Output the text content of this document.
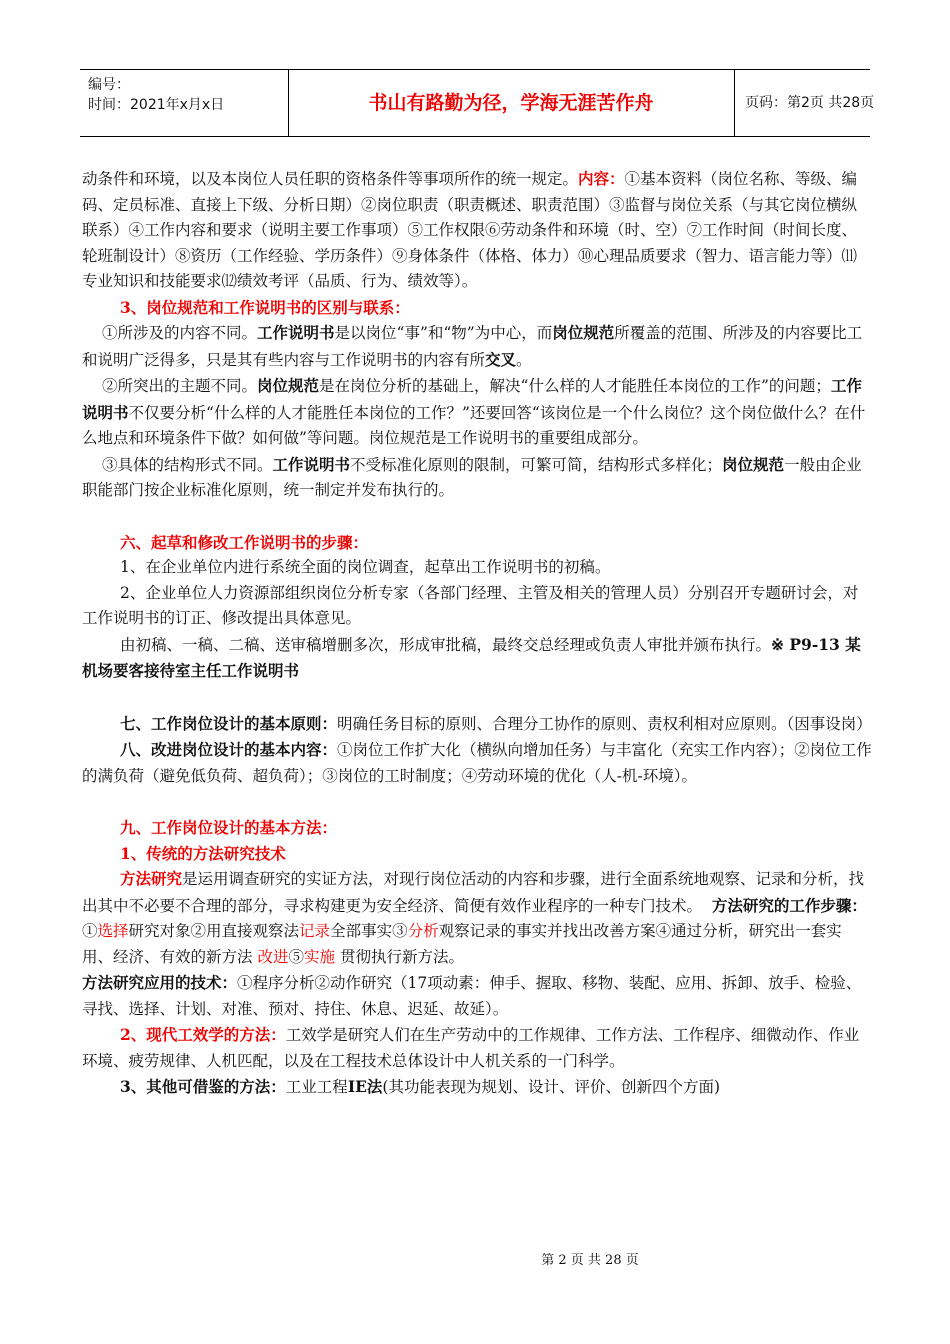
编号：
时间：2021年x月x日	书山有路勤为径，学海无涯苦作舟	页码：第2页 共28页

动条件和环境，以及本岗位人员任职的资格条件等事项所作的统一规定。内容：①基本资料（岗位名称、等级、编码、定员标准、直接上下级、分析日期）②岗位职责（职责概述、职责范围）③监督与岗位关系（与其它岗位横纵联系）④工作内容和要求（说明主要工作事项）⑤工作权限⑥劳动条件和环境（时、空）⑦工作时间（时间长度、轮班制设计）⑧资历（工作经验、学历条件）⑨身体条件（体格、体力）⑩心理品质要求（智力、语言能力等）⑾专业知识和技能要求⑿绩效考评（品质、行为、绩效等）。

3、岗位规范和工作说明书的区别与联系：

①所涉及的内容不同。工作说明书是以岗位“事”和“物”为中心，而岗位规范所覆盖的范围、所涉及的内容要比工和说明广泛得多，只是其有些内容与工作说明书的内容有所交叉。

②所突出的主题不同。岗位规范是在岗位分析的基础上，解决“什么样的人才能胜任本岗位的工作”的问题；工作说明书不仅要分析“什么样的人才能胜任本岗位的工作？”还要回答“该岗位是一个什么岗位？这个岗位做什么？在什么地点和环境条件下做？如何做”等问题。岗位规范是工作说明书的重要组成部分。

③具体的结构形式不同。工作说明书不受标准化原则的限制，可繁可简，结构形式多样化；岗位规范一般由企业职能部门按企业标准化原则，统一制定并发布执行的。

六、起草和修改工作说明书的步骤：

1、在企业单位内进行系统全面的岗位调查，起草出工作说明书的初稿。

2、企业单位人力资源部组织岗位分析专家（各部门经理、主管及相关的管理人员）分别召开专题研讨会，对工作说明书的订正、修改提出具体意见。

由初稿、一稿、二稿、送审稿增删多次，形成审批稿，最终交总经理或负责人审批并颁布执行。※ P9-13 某机场要客接待室主任工作说明书

七、工作岗位设计的基本原则：明确任务目标的原则、合理分工协作的原则、责权利相对应原则。（因事设岗）

八、改进岗位设计的基本内容：①岗位工作扩大化（横纵向增加任务）与丰富化（充实工作内容）；②岗位工作的满负荷（避免低负荷、超负荷）；③岗位的工时制度；④劳动环境的优化（人-机-环境）。

九、工作岗位设计的基本方法：

1、传统的方法研究技术

方法研究是运用调查研究的实证方法，对现行岗位活动的内容和步骤，进行全面系统地观察、记录和分析，找出其中不必要不合理的部分，寻求构建更为安全经济、简便有效作业程序的一种专门技术。 方法研究的工作步骤：①选择研究对象②用直接观察法记录全部事实③分析观察记录的事实并找出改善方案④通过分析，研究出一套实用、经济、有效的新方法 改进⑤实施 贯彻执行新方法。

方法研究应用的技术：①程序分析②动作研究（17项动素：伸手、握取、移物、装配、应用、拆卸、放手、检验、寻找、选择、计划、对准、预对、持住、休息、迟延、故延）。

2、现代工效学的方法：工效学是研究人们在生产劳动中的工作规律、工作方法、工作程序、细微动作、作业环境、疲劳规律、人机匹配，以及在工程技术总体设计中人机关系的一门科学。

3、其他可借鉴的方法：工业工程IE法(其功能表现为规划、设计、评价、创新四个方面)

第 2 页 共 28 页
